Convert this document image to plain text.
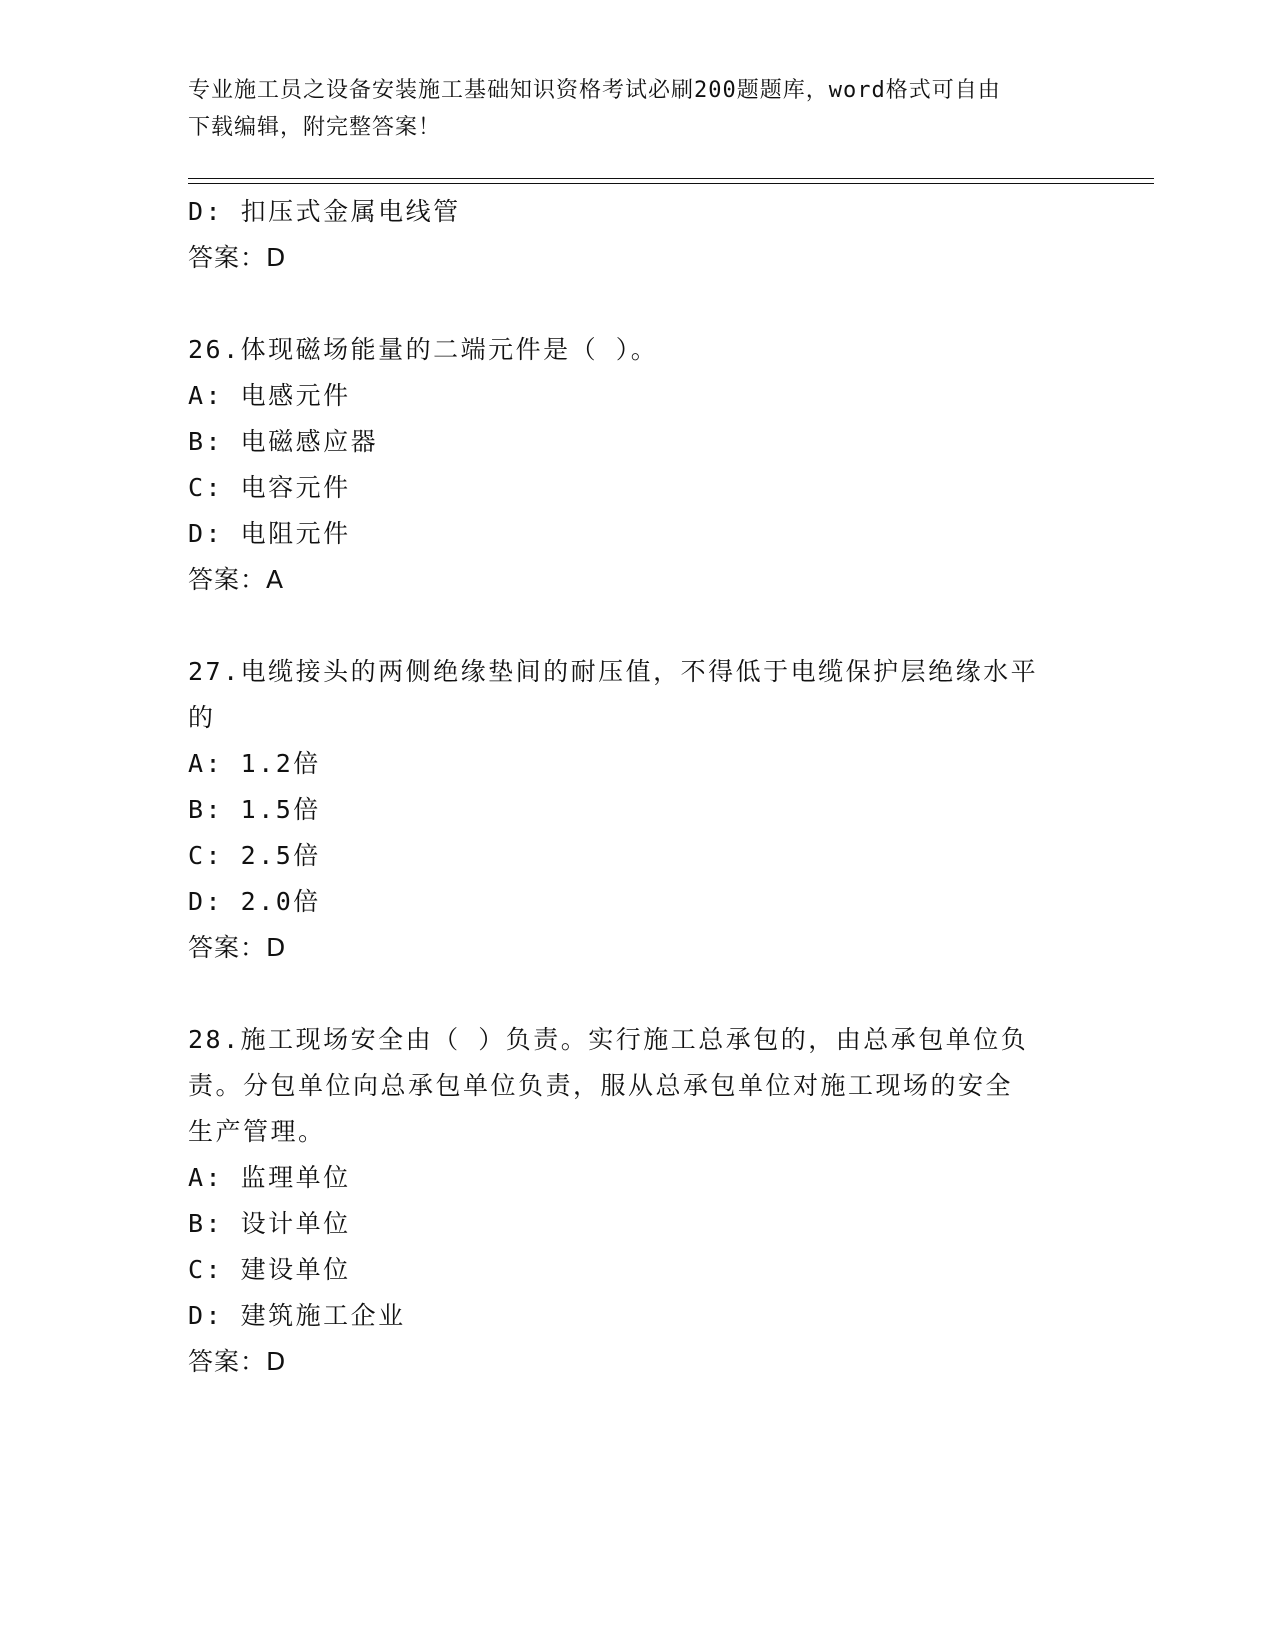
专业施工员之设备安装施工基础知识资格考试必刷200题题库，word格式可自由
下载编辑，附完整答案！
D: 扣压式金属电线管
答案：D
26.体现磁场能量的二端元件是（ ）。
A: 电感元件
B: 电磁感应器
C: 电容元件
D: 电阻元件
答案：A
27.电缆接头的两侧绝缘垫间的耐压值，不得低于电缆保护层绝缘水平
的
A: 1.2倍
B: 1.5倍
C: 2.5倍
D: 2.0倍
答案：D
28.施工现场安全由（ ）负责。实行施工总承包的，由总承包单位负
责。分包单位向总承包单位负责，服从总承包单位对施工现场的安全
生产管理。
A: 监理单位
B: 设计单位
C: 建设单位
D: 建筑施工企业
答案：D
